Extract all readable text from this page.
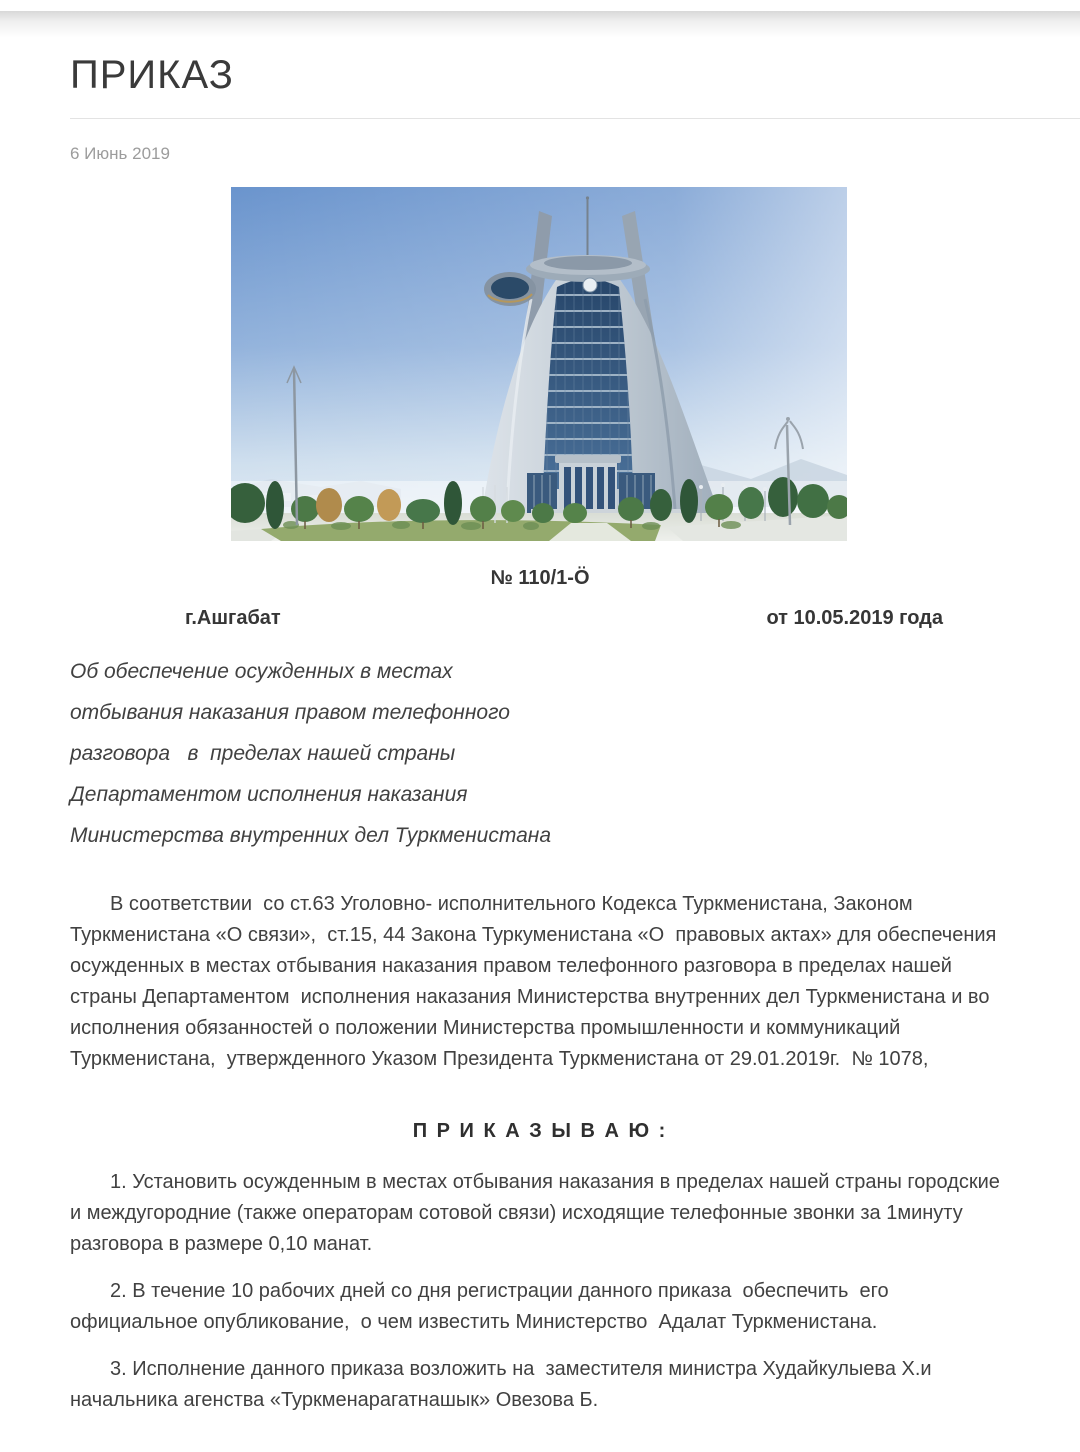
ПРИКАЗ

6 Июнь 2019

№ 110/1-Ö

г.Ашгабат	от 10.05.2019 года
Об обеспечение осужденных в местах
отбывания наказания правом телефонного
разговора   в  пределах нашей страны
Департаментом исполнения наказания
Министерства внутренних дел Туркменистана

В соответствии  со ст.63 Уголовно- исполнительного Кодекса Туркменистана, Законом Туркменистана «О связи»,  ст.15, 44 Закона Туркуменистана «О  правовых актах» для обеспечения  осужденных в местах отбывания наказания правом телефонного разговора в пределах нашей страны Департаментом  исполнения наказания Министерства внутренних дел Туркменистана и во исполнения обязанностей о положении Министерства промышленности и коммуникаций Туркменистана,  утвержденного Указом Президента Туркменистана от 29.01.2019г.  № 1078,

П Р И К А З Ы В А Ю :

1. Установить осужденным в местах отбывания наказания в пределах нашей страны городские  и междугородние (также операторам сотовой связи) исходящие телефонные звонки за 1минуту разговора в размере 0,10 манат.

2. В течение 10 рабочих дней со дня регистрации данного приказа  обеспечить  его официальное опубликование,  о чем известить Министерство  Адалат Туркменистана.

3. Исполнение данного приказа возложить на  заместителя министра Худайкулыева Х.и начальника агенства «Туркменарагатнашык» Овезова Б.
